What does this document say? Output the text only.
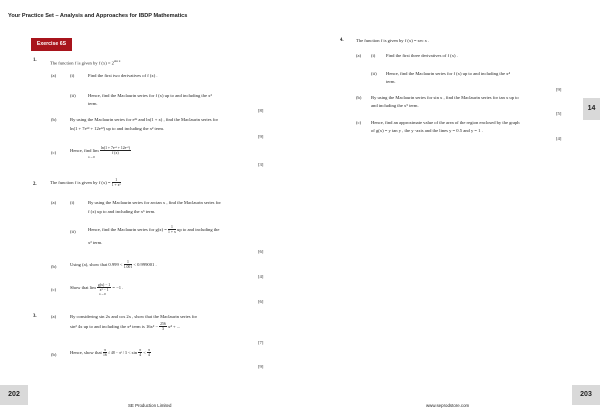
Your Practice Set – Analysis and Approaches for IBDP Mathematics
Exercise 6S
1.
The function f is given by f $(x) = 2^{sin x}$
(a)	(i)	Find the first two derivatives of f (x) .
(ii)	Hence, find the Maclaurin series for f (x) up to and including the x²
term.
[8]
(b)	By using the Maclaurin series for e³ˣ and ln(1 + x) , find the Maclaurin series for
ln(1 + 7eˣ³ + 12eˣ²) up to and including the x² term.
[9]
(c)	Hence, find $\lim \frac{\text{ln(1 + 7eˣ³ + 12eˣ²)}}{f (x)}$
x→0
[3]
2.	The function f is given by f $(x) = \frac{1}{\text{1 + x²}}$
(a)	(i)	By using the Maclaurin series for arctan x , find the Maclaurin series for
f (x) up to and including the x⁶ term.
(ii)	Hence, find the Maclaurin series for $g(x) = \frac{1}{1 + x}$ up to and including the
x³ term.
[6]
(b)	Using (a), show that $0.999 < \frac{1}{1.001} < 0.999001$ .
[4]
(c)	Show that $\lim \frac{g(x) - 1}{\text{x³ − 1}} = -1$ .
x→0
[6]
3.	(a)	By considering sin 2x and cos 2x , show that the Maclaurin series for
sin² 4x up to and including the x⁴ term is $16x^2 - \frac{256}{3} x^4$ + ...
[7]
(b)	Hence, show that $\frac{\pi}{16}$ √ $48 - \pi^2 / 3 < \sin \frac{\pi}{4} < \frac{\pi}{4}$
[9]
4.	The function f is given by f (x) = sec x .
(a) (i) Find the first three derivatives of f (x) .
(ii) Hence, find the Maclaurin series for f (x) up to and including the x⁴
term.
[9]
(b) By using the Maclaurin series for sin x , find the Maclaurin series for tan x up to
and including the x⁵ term.
[5]
(c) Hence, find an approximate value of the area of the region enclosed by the graph
of g(x) = y tan y , the y -axis and the lines y = 0.5 and y = 1 .
[4]
14
202	203
SE Production Limited	www.seprodstore.com
